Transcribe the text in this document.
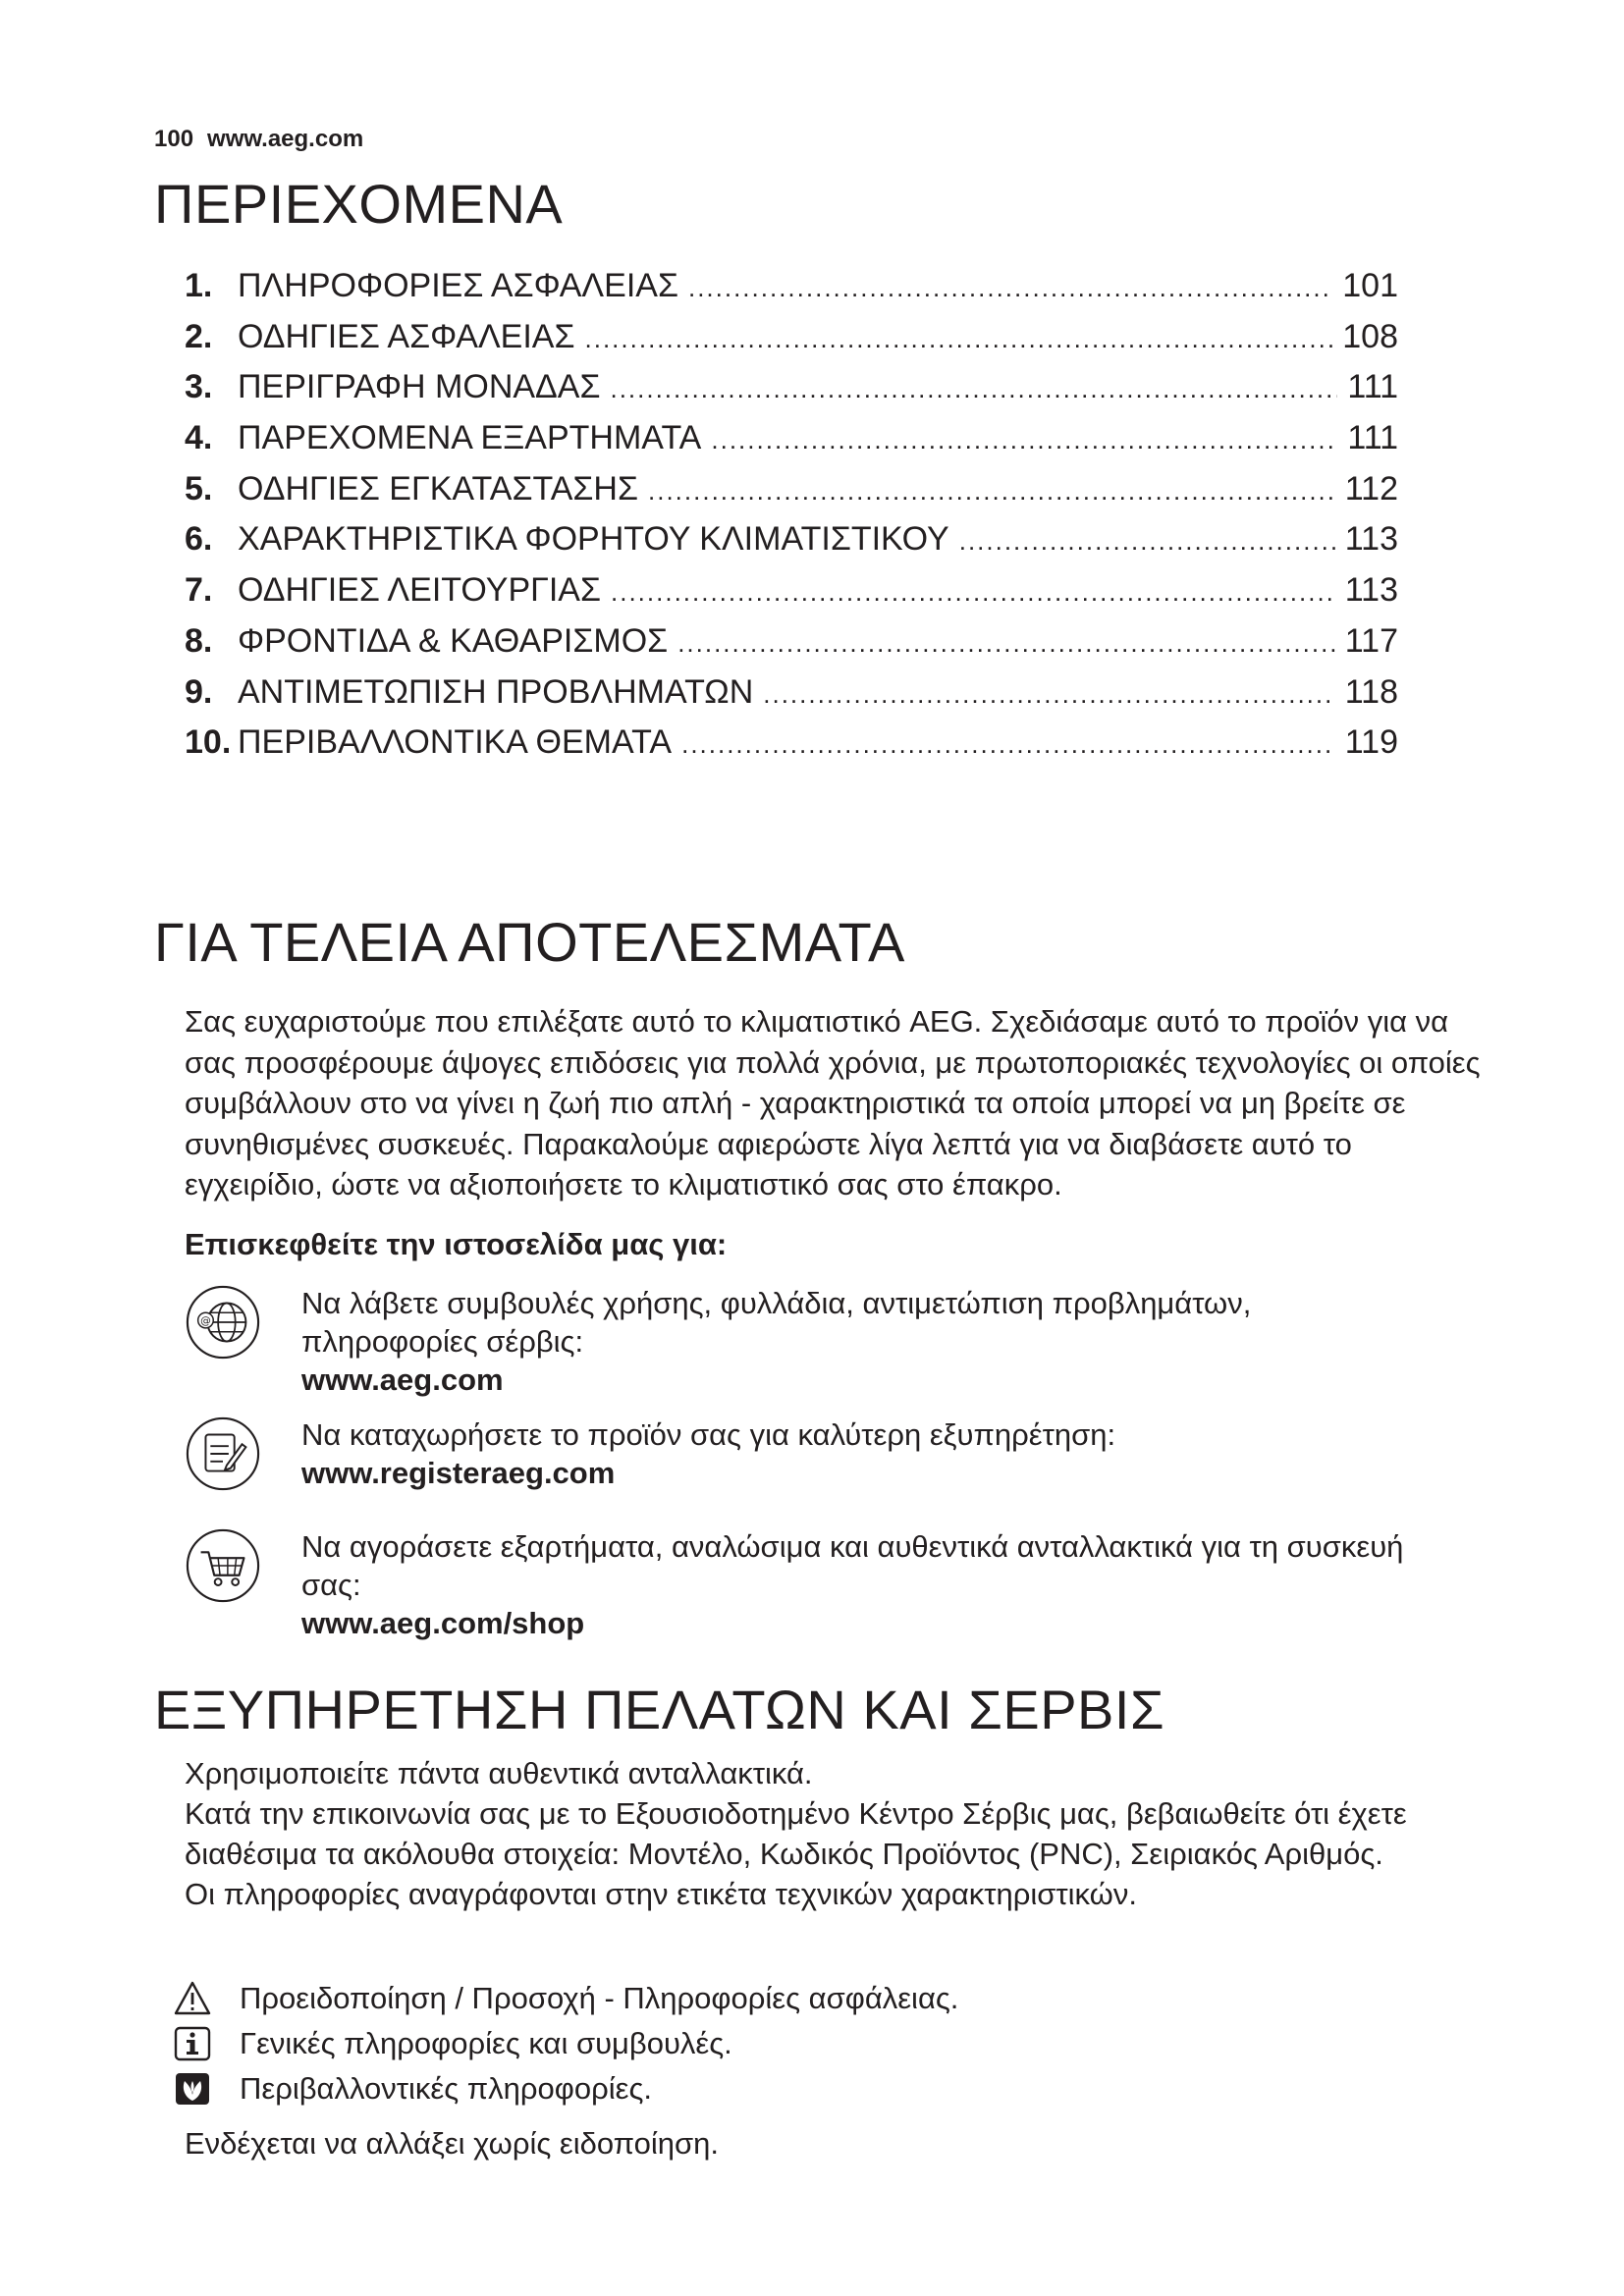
100 www.aeg.com
ΠΕΡΙΕΧΟΜΕΝΑ
1. ΠΛΗΡΟΦΟΡΙΕΣ ΑΣΦΑΛΕΙΑΣ .....	101
2. ΟΔΗΓΙΕΣ ΑΣΦΑΛΕΙΑΣ .....	108
3. ΠΕΡΙΓΡΑΦΗ ΜΟΝΑΔΑΣ .....	111
4. ΠΑΡΕΧΟΜΕΝΑ ΕΞΑΡΤΗΜΑΤΑ .....	111
5. ΟΔΗΓΙΕΣ ΕΓΚΑΤΑΣΤΑΣΗΣ .....	112
6. ΧΑΡΑΚΤΗΡΙΣΤΙΚΑ ΦΟΡΗΤΟΥ ΚΛΙΜΑΤΙΣΤΙΚΟΥ .....	113
7. ΟΔΗΓΙΕΣ ΛΕΙΤΟΥΡΓΙΑΣ .....	113
8. ΦΡΟΝΤΙΔΑ & ΚΑΘΑΡΙΣΜΟΣ .....	117
9. ΑΝΤΙΜΕΤΩΠΙΣΗ ΠΡΟΒΛΗΜΑΤΩΝ .....	118
10. ΠΕΡΙΒΑΛΛΟΝΤΙΚΑ ΘΕΜΑΤΑ .....	119
ΓΙΑ ΤΕΛΕΙΑ ΑΠΟΤΕΛΕΣΜΑΤΑ
Σας ευχαριστούμε που επιλέξατε αυτό το κλιματιστικό AEG. Σχεδιάσαμε αυτό το προϊόν για να σας προσφέρουμε άψογες επιδόσεις για πολλά χρόνια, με πρωτοποριακές τεχνολογίες οι οποίες συμβάλλουν στο να γίνει η ζωή πιο απλή - χαρακτηριστικά τα οποία μπορεί να μη βρείτε σε συνηθισμένες συσκευές. Παρακαλούμε αφιερώστε λίγα λεπτά για να διαβάσετε αυτό το εγχειρίδιο, ώστε να αξιοποιήσετε το κλιματιστικό σας στο έπακρο.
Επισκεφθείτε την ιστοσελίδα μας για:
@
Να λάβετε συμβουλές χρήσης, φυλλάδια, αντιμετώπιση προβλημάτων, πληροφορίες σέρβις:
www.aeg.com
Να καταχωρήσετε το προϊόν σας για καλύτερη εξυπηρέτηση:
www.registeraeg.com
Να αγοράσετε εξαρτήματα, αναλώσιμα και αυθεντικά ανταλλακτικά για τη συσκευή σας:
www.aeg.com/shop
ΕΞΥΠΗΡΕΤΗΣΗ ΠΕΛΑΤΩΝ ΚΑΙ ΣΕΡΒΙΣ

Χρησιμοποιείτε πάντα αυθεντικά ανταλλακτικά.

Κατά την επικοινωνία σας με το Εξουσιοδοτημένο Κέντρο Σέρβις μας, βεβαιωθείτε ότι έχετε διαθέσιμα τα ακόλουθα στοιχεία: Μοντέλο, Κωδικός Προϊόντος (PNC), Σειριακός Αριθμός.

Οι πληροφορίες αναγράφονται στην ετικέτα τεχνικών χαρακτηριστικών.

Προειδοποίηση / Προσοχή - Πληροφορίες ασφάλειας.
Γενικές πληροφορίες και συμβουλές.
Περιβαλλοντικές πληροφορίες.
Ενδέχεται να αλλάξει χωρίς ειδοποίηση.
